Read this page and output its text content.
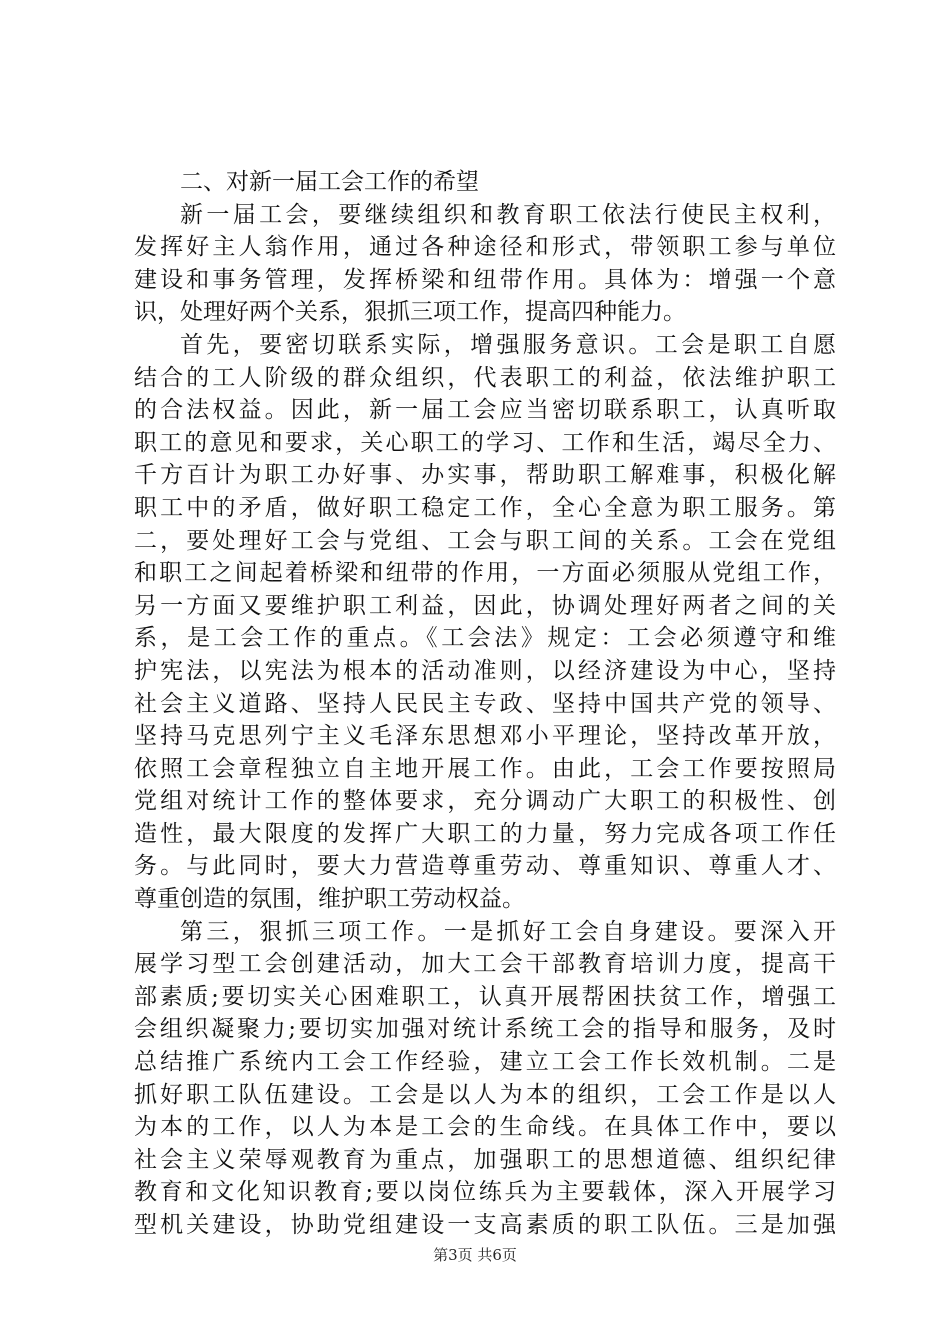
二、对新一届工会工作的希望
新一届工会，要继续组织和教育职工依法行使民主权利，
发挥好主人翁作用，通过各种途径和形式，带领职工参与单位
建设和事务管理，发挥桥梁和纽带作用。具体为：增强一个意
识，处理好两个关系，狠抓三项工作，提高四种能力。
首先，要密切联系实际，增强服务意识。工会是职工自愿
结合的工人阶级的群众组织，代表职工的利益，依法维护职工
的合法权益。因此，新一届工会应当密切联系职工，认真听取
职工的意见和要求，关心职工的学习、工作和生活，竭尽全力、
千方百计为职工办好事、办实事，帮助职工解难事，积极化解
职工中的矛盾，做好职工稳定工作，全心全意为职工服务。第
二，要处理好工会与党组、工会与职工间的关系。工会在党组
和职工之间起着桥梁和纽带的作用，一方面必须服从党组工作，
另一方面又要维护职工利益，因此，协调处理好两者之间的关
系，是工会工作的重点。《工会法》规定：工会必须遵守和维
护宪法，以宪法为根本的活动准则，以经济建设为中心，坚持
社会主义道路、坚持人民民主专政、坚持中国共产党的领导、
坚持马克思列宁主义毛泽东思想邓小平理论，坚持改革开放，
依照工会章程独立自主地开展工作。由此，工会工作要按照局
党组对统计工作的整体要求，充分调动广大职工的积极性、创
造性，最大限度的发挥广大职工的力量，努力完成各项工作任
务。与此同时，要大力营造尊重劳动、尊重知识、尊重人才、
尊重创造的氛围，维护职工劳动权益。
第三，狠抓三项工作。一是抓好工会自身建设。要深入开
展学习型工会创建活动，加大工会干部教育培训力度，提高干
部素质;要切实关心困难职工，认真开展帮困扶贫工作，增强工
会组织凝聚力;要切实加强对统计系统工会的指导和服务，及时
总结推广系统内工会工作经验，建立工会工作长效机制。二是
抓好职工队伍建设。工会是以人为本的组织，工会工作是以人
为本的工作，以人为本是工会的生命线。在具体工作中，要以
社会主义荣辱观教育为重点，加强职工的思想道德、组织纪律
教育和文化知识教育;要以岗位练兵为主要载体，深入开展学习
型机关建设，协助党组建设一支高素质的职工队伍。三是加强
第3页 共6页
